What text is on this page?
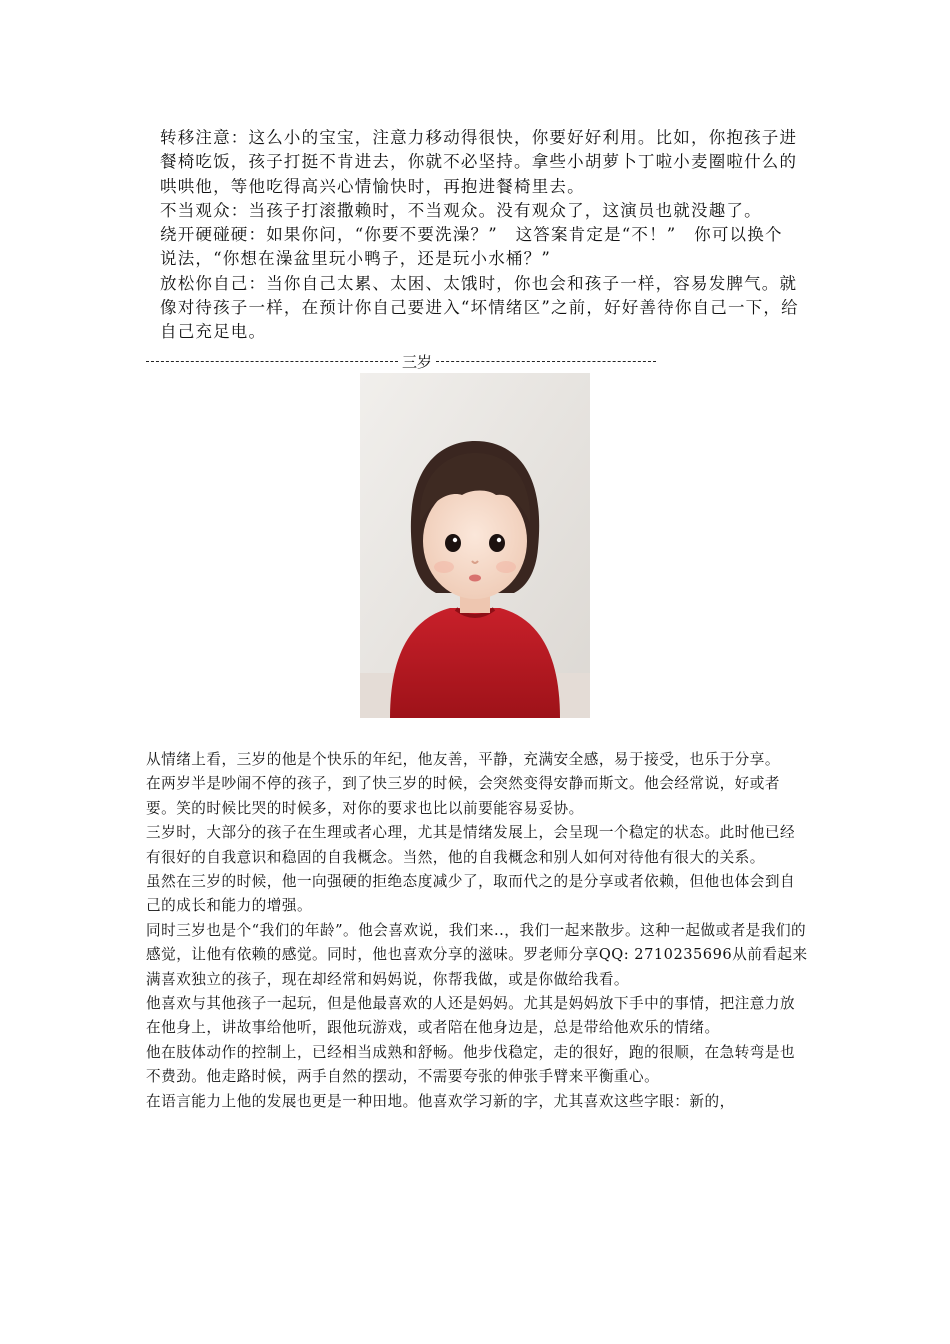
转移注意：这么小的宝宝，注意力移动得很快，你要好好利用。比如，你抱孩子进餐椅吃饭，孩子打挺不肯进去，你就不必坚持。拿些小胡萝卜丁啦小麦圈啦什么的哄哄他，等他吃得高兴心情愉快时，再抱进餐椅里去。

不当观众：当孩子打滚撒赖时，不当观众。没有观众了，这演员也就没趣了。

绕开硬碰硬：如果你问，“你要不要洗澡？”　这答案肯定是“不！”　你可以换个说法，“你想在澡盆里玩小鸭子，还是玩小水桶？”

放松你自己：当你自己太累、太困、太饿时，你也会和孩子一样，容易发脾气。就像对待孩子一样，在预计你自己要进入“坏情绪区”之前，好好善待你自己一下，给自己充足电。

三岁

从情绪上看，三岁的他是个快乐的年纪，他友善，平静，充满安全感，易于接受，也乐于分享。

在两岁半是吵闹不停的孩子，到了快三岁的时候，会突然变得安静而斯文。他会经常说，好或者要。笑的时候比哭的时候多，对你的要求也比以前要能容易妥协。

三岁时，大部分的孩子在生理或者心理，尤其是情绪发展上，会呈现一个稳定的状态。此时他已经有很好的自我意识和稳固的自我概念。当然，他的自我概念和别人如何对待他有很大的关系。

虽然在三岁的时候，他一向强硬的拒绝态度减少了，取而代之的是分享或者依赖，但他也体会到自己的成长和能力的增强。

同时三岁也是个“我们的年龄”。他会喜欢说，我们来..，我们一起来散步。这种一起做或者是我们的感觉，让他有依赖的感觉。同时，他也喜欢分享的滋味。罗老师分享QQ: 2710235696从前看起来满喜欢独立的孩子，现在却经常和妈妈说，你帮我做，或是你做给我看。

他喜欢与其他孩子一起玩，但是他最喜欢的人还是妈妈。尤其是妈妈放下手中的事情，把注意力放在他身上，讲故事给他听，跟他玩游戏，或者陪在他身边是，总是带给他欢乐的情绪。

他在肢体动作的控制上，已经相当成熟和舒畅。他步伐稳定，走的很好，跑的很顺，在急转弯是也不费劲。他走路时候，两手自然的摆动，不需要夸张的伸张手臂来平衡重心。

在语言能力上他的发展也更是一种田地。他喜欢学习新的字，尤其喜欢这些字眼：新的，
